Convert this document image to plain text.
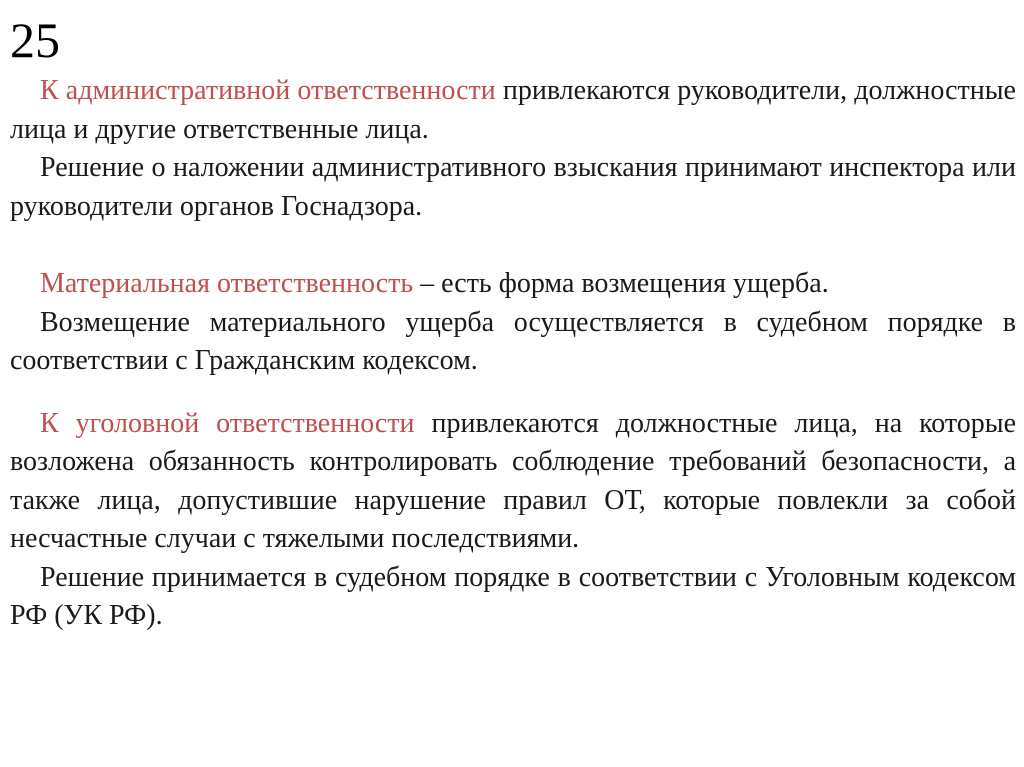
25

К административной ответственности привлекаются руководители, должностные лица и другие ответственные лица.

Решение о наложении административного взыскания принимают инспектора или руководители органов Госнадзора.

Материальная ответственность – есть форма возмещения ущерба.

Возмещение материального ущерба осуществляется в судебном порядке в соответствии с Гражданским кодексом.

К уголовной ответственности привлекаются должностные лица, на которые возложена обязанность контролировать соблюдение требований безопасности, а также лица, допустившие нарушение правил ОТ, которые повлекли за собой несчастные случаи с тяжелыми последствиями.

Решение принимается в судебном порядке в соответствии с Уголовным кодексом РФ (УК РФ).
